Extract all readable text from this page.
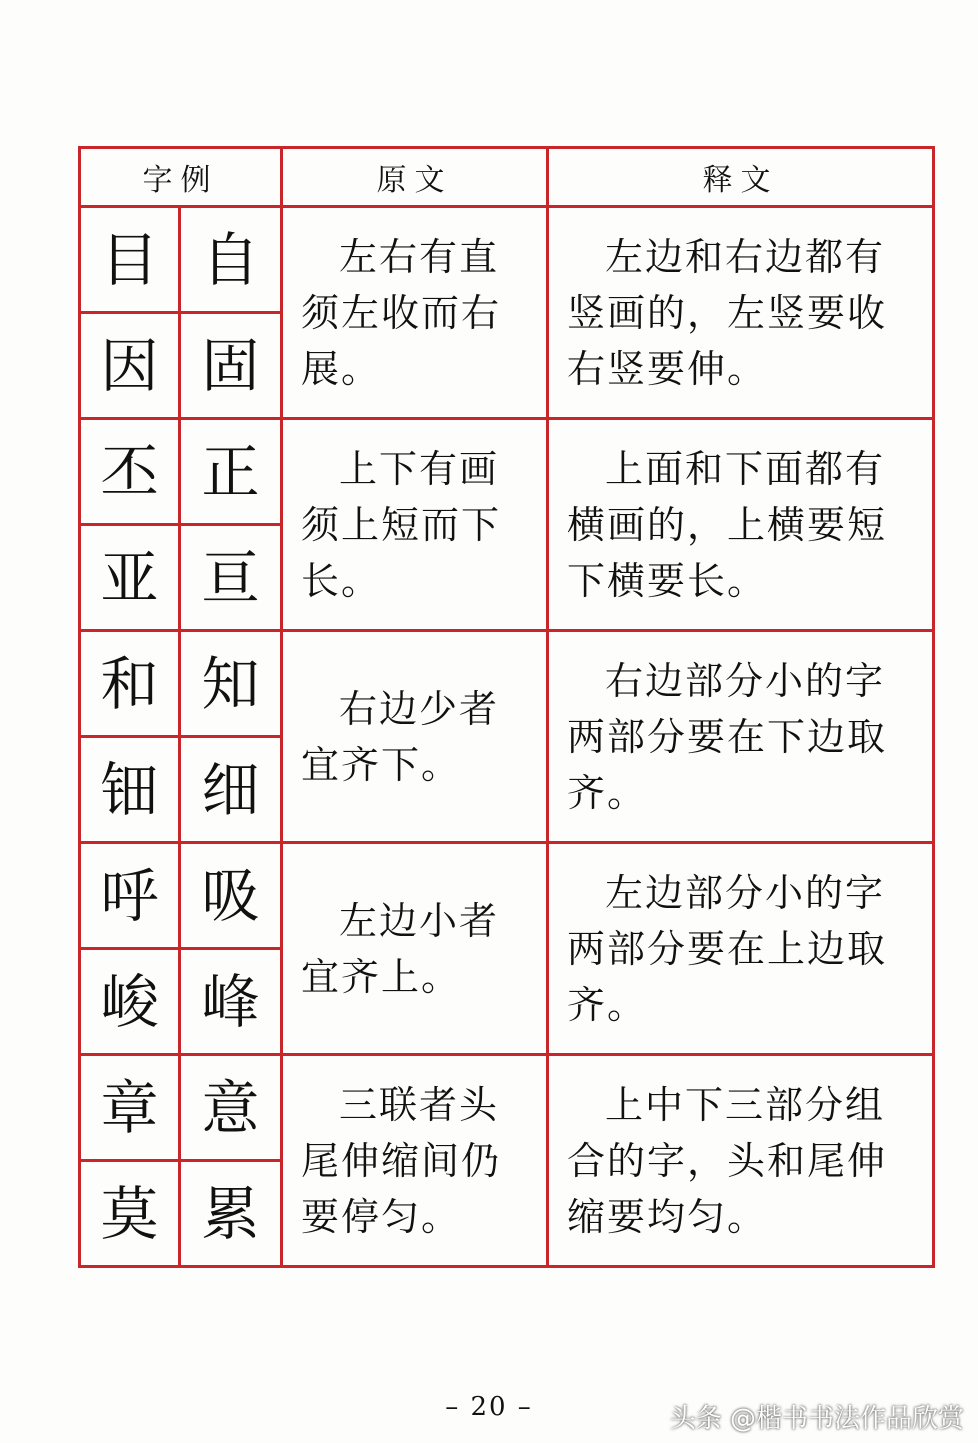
字例		原文	释文
目	自	左右有直须左收而右展。	左边和右边都有竖画的，左竖要收右竖要伸。
因	固		
丕	正	上下有画须上短而下长。	上面和下面都有横画的，上横要短下横要长。
亚	亘		
和	知	右边少者宜齐下。	右边部分小的字两部分要在下边取齐。
钿	细		
呼	吸	左边小者宜齐上。	左边部分小的字两部分要在上边取齐。
峻	峰		
章	意	三联者头尾伸缩间仍要停匀。	上中下三部分组合的字，头和尾伸缩要均匀。
莫	累		
– 20 –	头条 @楷书书法作品欣赏
